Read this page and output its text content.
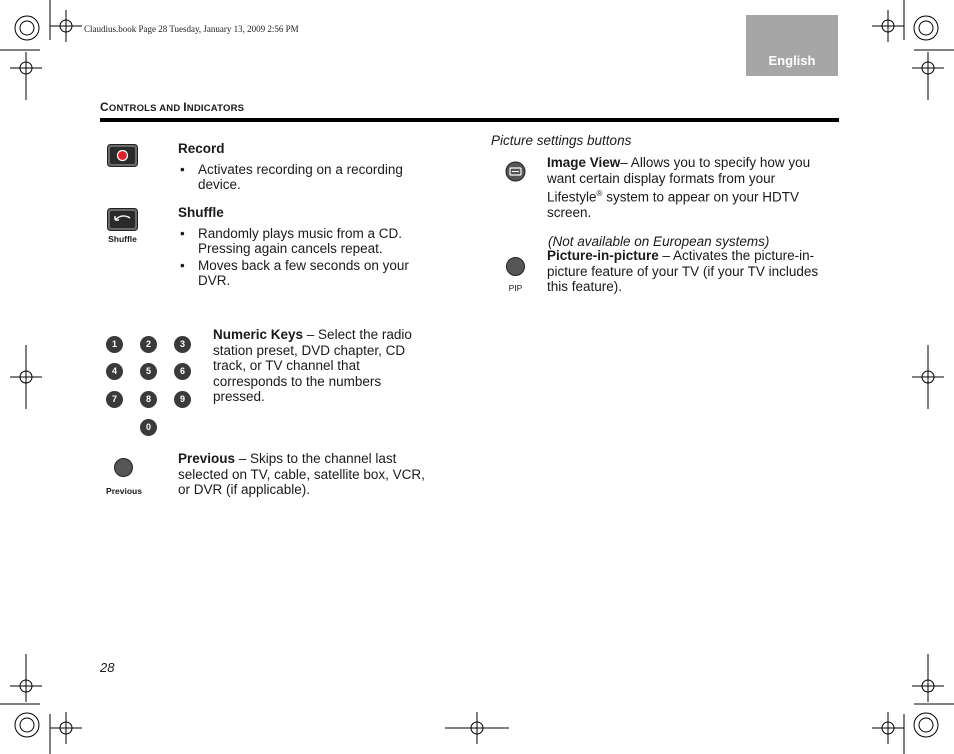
Claudius.book Page 28 Tuesday, January 13, 2009 2:56 PM
English
CONTROLS AND INDICATORS
Record
• Activates recording on a recording device.
Shuffle
Shuffle
• Randomly plays music from a CD. Pressing again cancels repeat.
• Moves back a few seconds on your DVR.
1	2	3
4	5	6
7	8	9
0
Numeric Keys – Select the radio station preset, DVD chapter, CD track, or TV channel that corresponds to the numbers pressed.
Previous
Previous – Skips to the channel last selected on TV, cable, satellite box, VCR, or DVR (if applicable).
Picture settings buttons
Image View– Allows you to specify how you want certain display formats from your Lifestyle® system to appear on your HDTV screen.
(Not available on European systems)
PIP
Picture-in-picture – Activates the picture-in-picture feature of your TV (if your TV includes this feature).
28
